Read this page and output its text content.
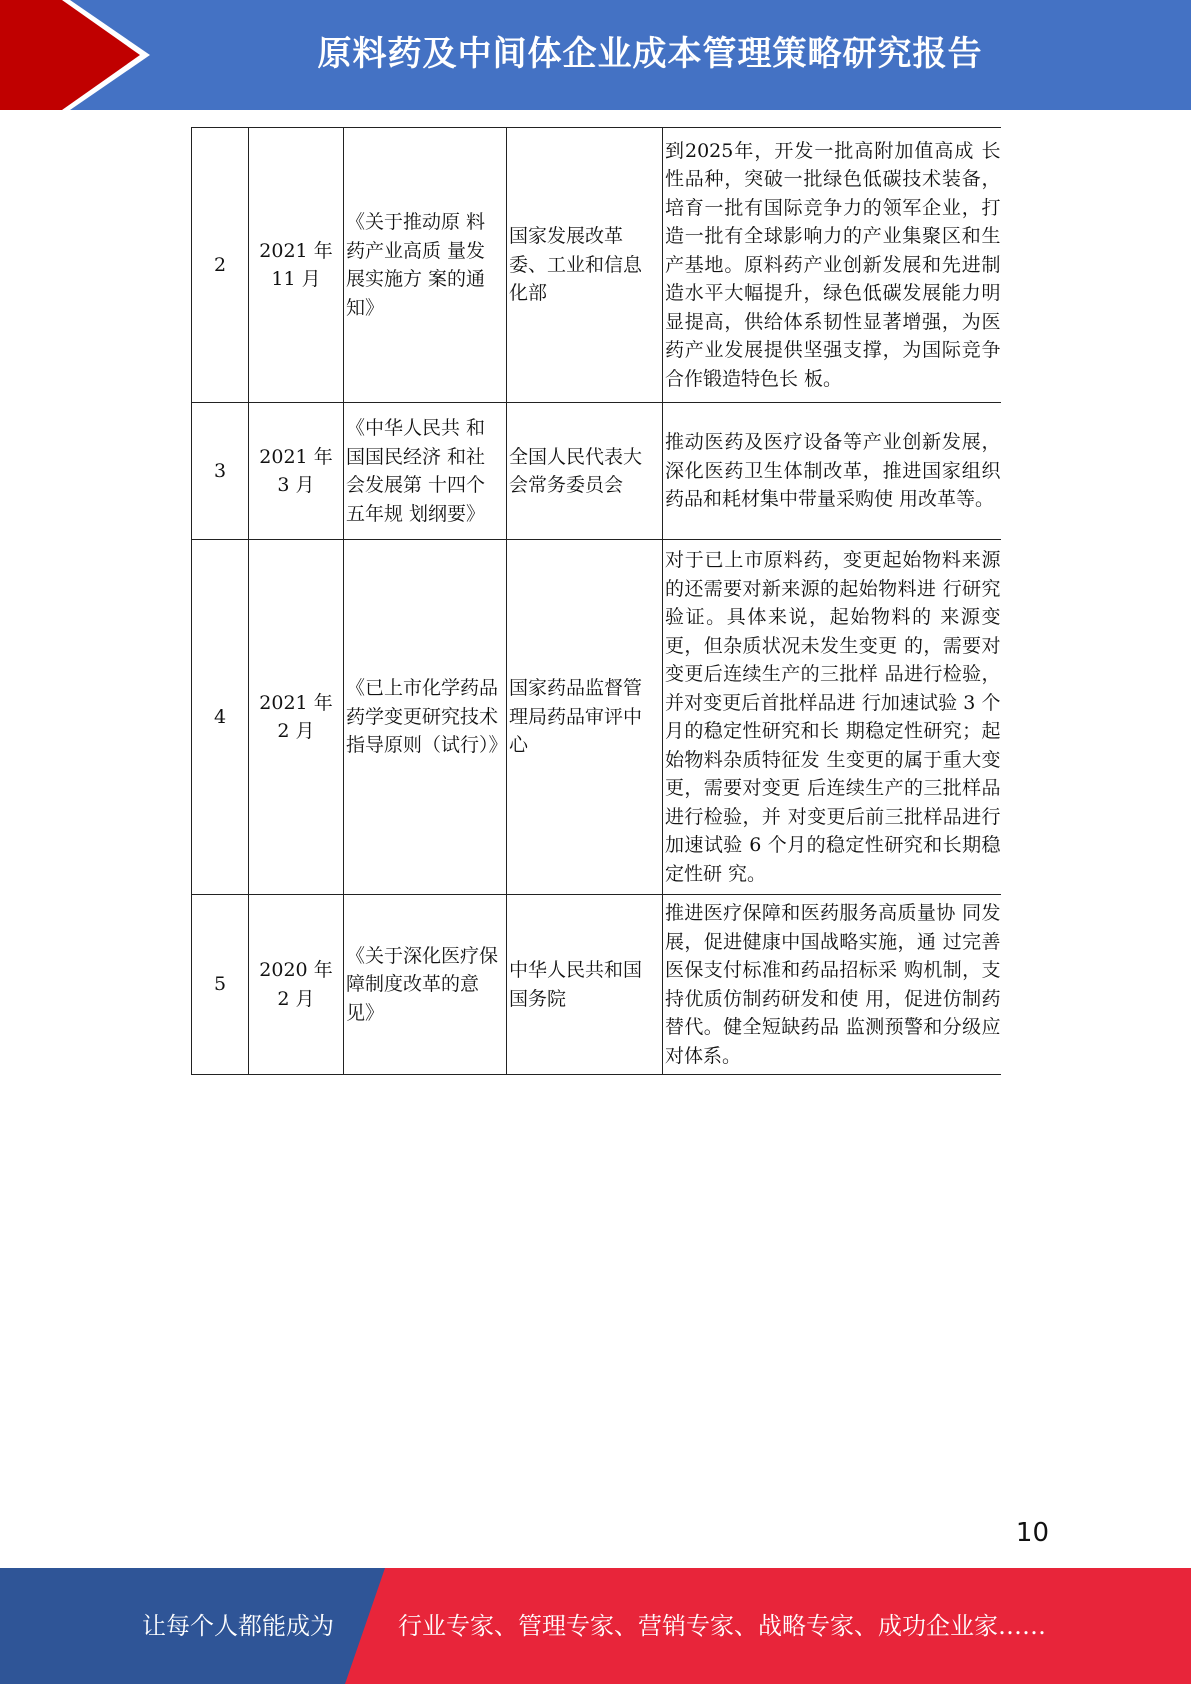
原料药及中间体企业成本管理策略研究报告
2	2021 年 11 月	《关于推动原 料药产业高质 量发展实施方 案的通知》	国家发展改革委、工业和信息化部	到2025年，开发一批高附加值高成 长性品种，突破一批绿色低碳技术装备，培育一批有国际竞争力的领军企业，打造一批有全球影响力的产业集聚区和生产基地。原料药产业创新发展和先进制造水平大幅提升，绿色低碳发展能力明显提高，供给体系韧性显著增强，为医药产业发展提供坚强支撑，为国际竞争合作锻造特色长 板。
3	2021 年 3 月	《中华人民共 和国国民经济 和社会发展第 十四个五年规 划纲要》	全国人民代表大会常务委员会	推动医药及医疗设备等产业创新发展，深化医药卫生体制改革，推进国家组织药品和耗材集中带量采购使 用改革等。
4	2021 年 2 月	《已上市化学药品药学变更研究技术指导原则（试行）》	国家药品监督管理局药品审评中心	对于已上市原料药，变更起始物料来源的还需要对新来源的起始物料进 行研究验证。具体来说，起始物料的 来源变更，但杂质状况未发生变更 的，需要对变更后连续生产的三批样 品进行检验，并对变更后首批样品进 行加速试验 3 个月的稳定性研究和长 期稳定性研究；起始物料杂质特征发 生变更的属于重大变更，需要对变更 后连续生产的三批样品进行检验，并 对变更后前三批样品进行加速试验 6 个月的稳定性研究和长期稳定性研 究。
5	2020 年 2 月	《关于深化医疗保障制度改革的意见》	中华人民共和国国务院	推进医疗保障和医药服务高质量协 同发展，促进健康中国战略实施，通 过完善医保支付标准和药品招标采 购机制，支持优质仿制药研发和使 用，促进仿制药替代。健全短缺药品 监测预警和分级应对体系。
10
让每个人都能成为	行业专家、管理专家、营销专家、战略专家、成功企业家……
